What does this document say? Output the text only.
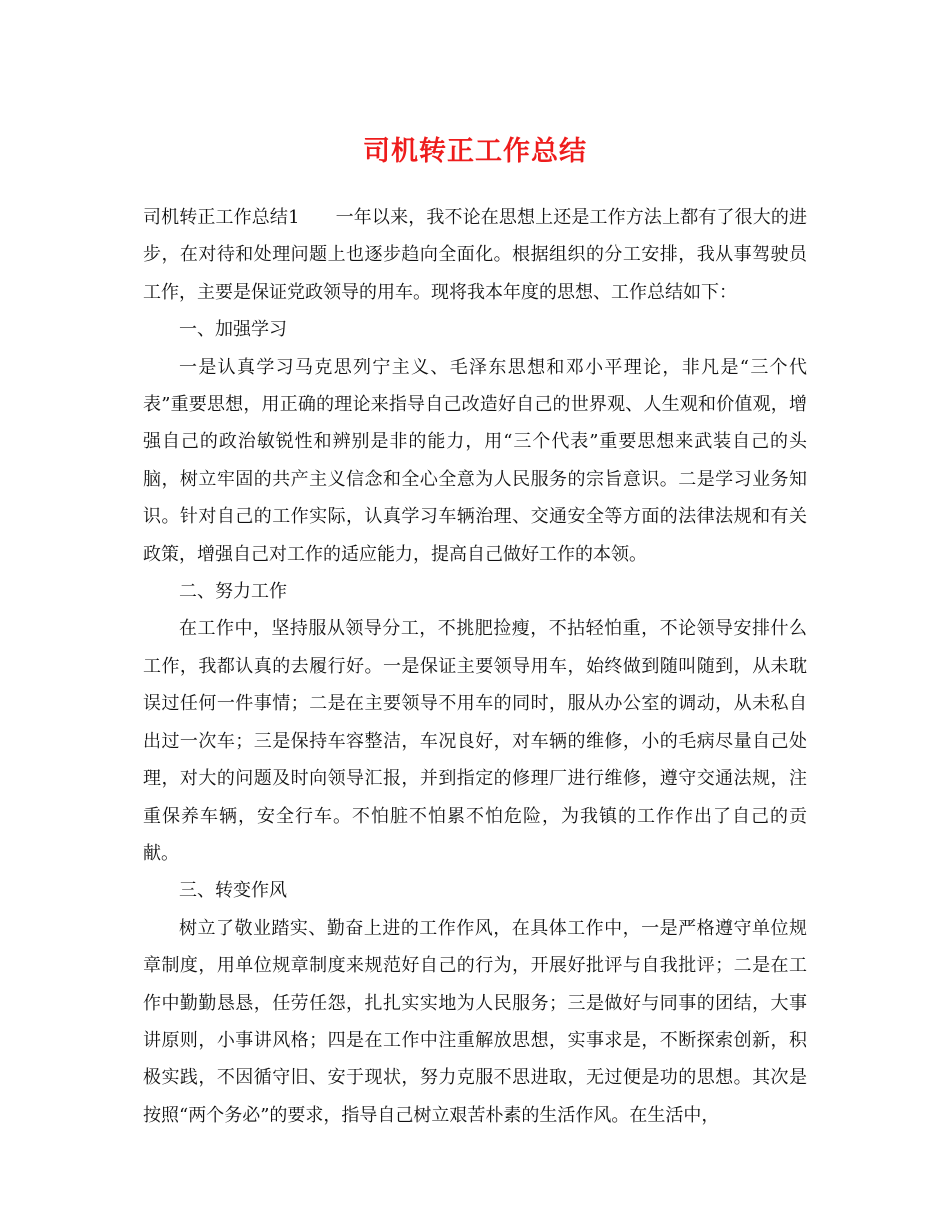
司机转正工作总结

司机转正工作总结1 一年以来，我不论在思想上还是工作方法上都有了很大的进步，在对待和处理问题上也逐步趋向全面化。根据组织的分工安排，我从事驾驶员工作，主要是保证党政领导的用车。现将我本年度的思想、工作总结如下：

一、加强学习

一是认真学习马克思列宁主义、毛泽东思想和邓小平理论，非凡是“三个代表”重要思想，用正确的理论来指导自己改造好自己的世界观、人生观和价值观，增强自己的政治敏锐性和辨别是非的能力，用“三个代表”重要思想来武装自己的头脑，树立牢固的共产主义信念和全心全意为人民服务的宗旨意识。二是学习业务知识。针对自己的工作实际，认真学习车辆治理、交通安全等方面的法律法规和有关政策，增强自己对工作的适应能力，提高自己做好工作的本领。

二、努力工作

在工作中，坚持服从领导分工，不挑肥捡瘦，不拈轻怕重，不论领导安排什么工作，我都认真的去履行好。一是保证主要领导用车，始终做到随叫随到，从未耽误过任何一件事情；二是在主要领导不用车的同时，服从办公室的调动，从未私自出过一次车；三是保持车容整洁，车况良好，对车辆的维修，小的毛病尽量自己处理，对大的问题及时向领导汇报，并到指定的修理厂进行维修，遵守交通法规，注重保养车辆，安全行车。不怕脏不怕累不怕危险，为我镇的工作作出了自己的贡献。

三、转变作风

树立了敬业踏实、勤奋上进的工作作风，在具体工作中，一是严格遵守单位规章制度，用单位规章制度来规范好自己的行为，开展好批评与自我批评；二是在工作中勤勤恳恳，任劳任怨，扎扎实实地为人民服务；三是做好与同事的团结，大事讲原则，小事讲风格；四是在工作中注重解放思想，实事求是，不断探索创新，积极实践，不因循守旧、安于现状，努力克服不思进取，无过便是功的思想。其次是按照“两个务必”的要求，指导自己树立艰苦朴素的生活作风。在生活中，
